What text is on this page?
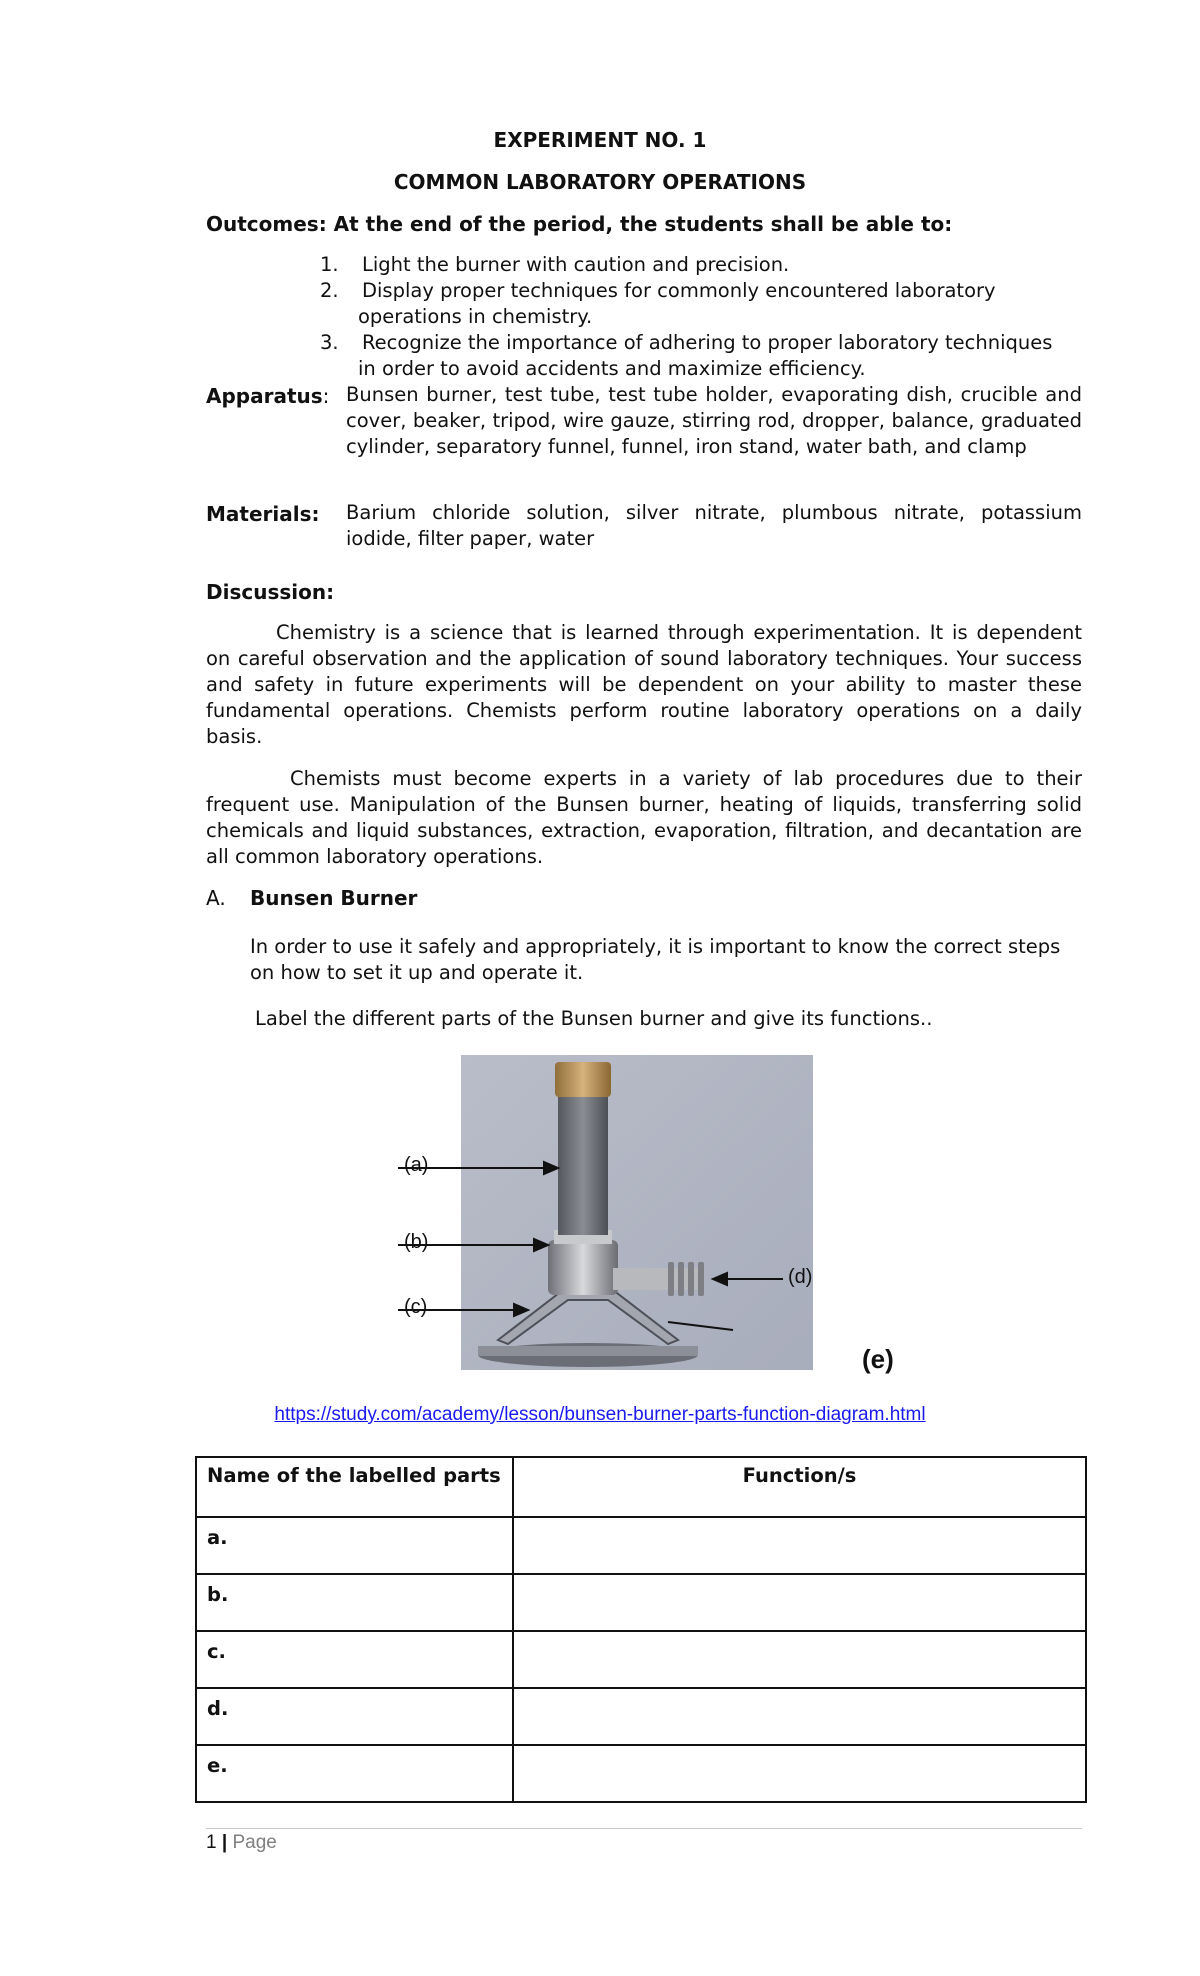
EXPERIMENT NO. 1
COMMON LABORATORY OPERATIONS
Outcomes: At the end of the period, the students shall be able to:
1. Light the burner with caution and precision.
2. Display proper techniques for commonly encountered laboratory
operations in chemistry.
3. Recognize the importance of adhering to proper laboratory techniques
in order to avoid accidents and maximize efficiency.
Apparatus: Bunsen burner, test tube, test tube holder, evaporating dish, crucible and cover, beaker, tripod, wire gauze, stirring rod, dropper, balance, graduated cylinder, separatory funnel, funnel, iron stand, water bath, and clamp
Materials: Barium chloride solution, silver nitrate, plumbous nitrate, potassium iodide, filter paper, water
Discussion:
Chemistry is a science that is learned through experimentation. It is dependent on careful observation and the application of sound laboratory techniques. Your success and safety in future experiments will be dependent on your ability to master these fundamental operations. Chemists perform routine laboratory operations on a daily basis.
Chemists must become experts in a variety of lab procedures due to their frequent use. Manipulation of the Bunsen burner, heating of liquids, transferring solid chemicals and liquid substances, extraction, evaporation, filtration, and decantation are all common laboratory operations.
A. Bunsen Burner
In order to use it safely and appropriately, it is important to know the correct steps on how to set it up and operate it.
Label the different parts of the Bunsen burner and give its functions..
(a)
(b)
(c)
(d)
(e)
https://study.com/academy/lesson/bunsen-burner-parts-function-diagram.html
Name of the labelled parts	Function/s
a.	
b.	
c.	
d.	
e.	
1 | Page
